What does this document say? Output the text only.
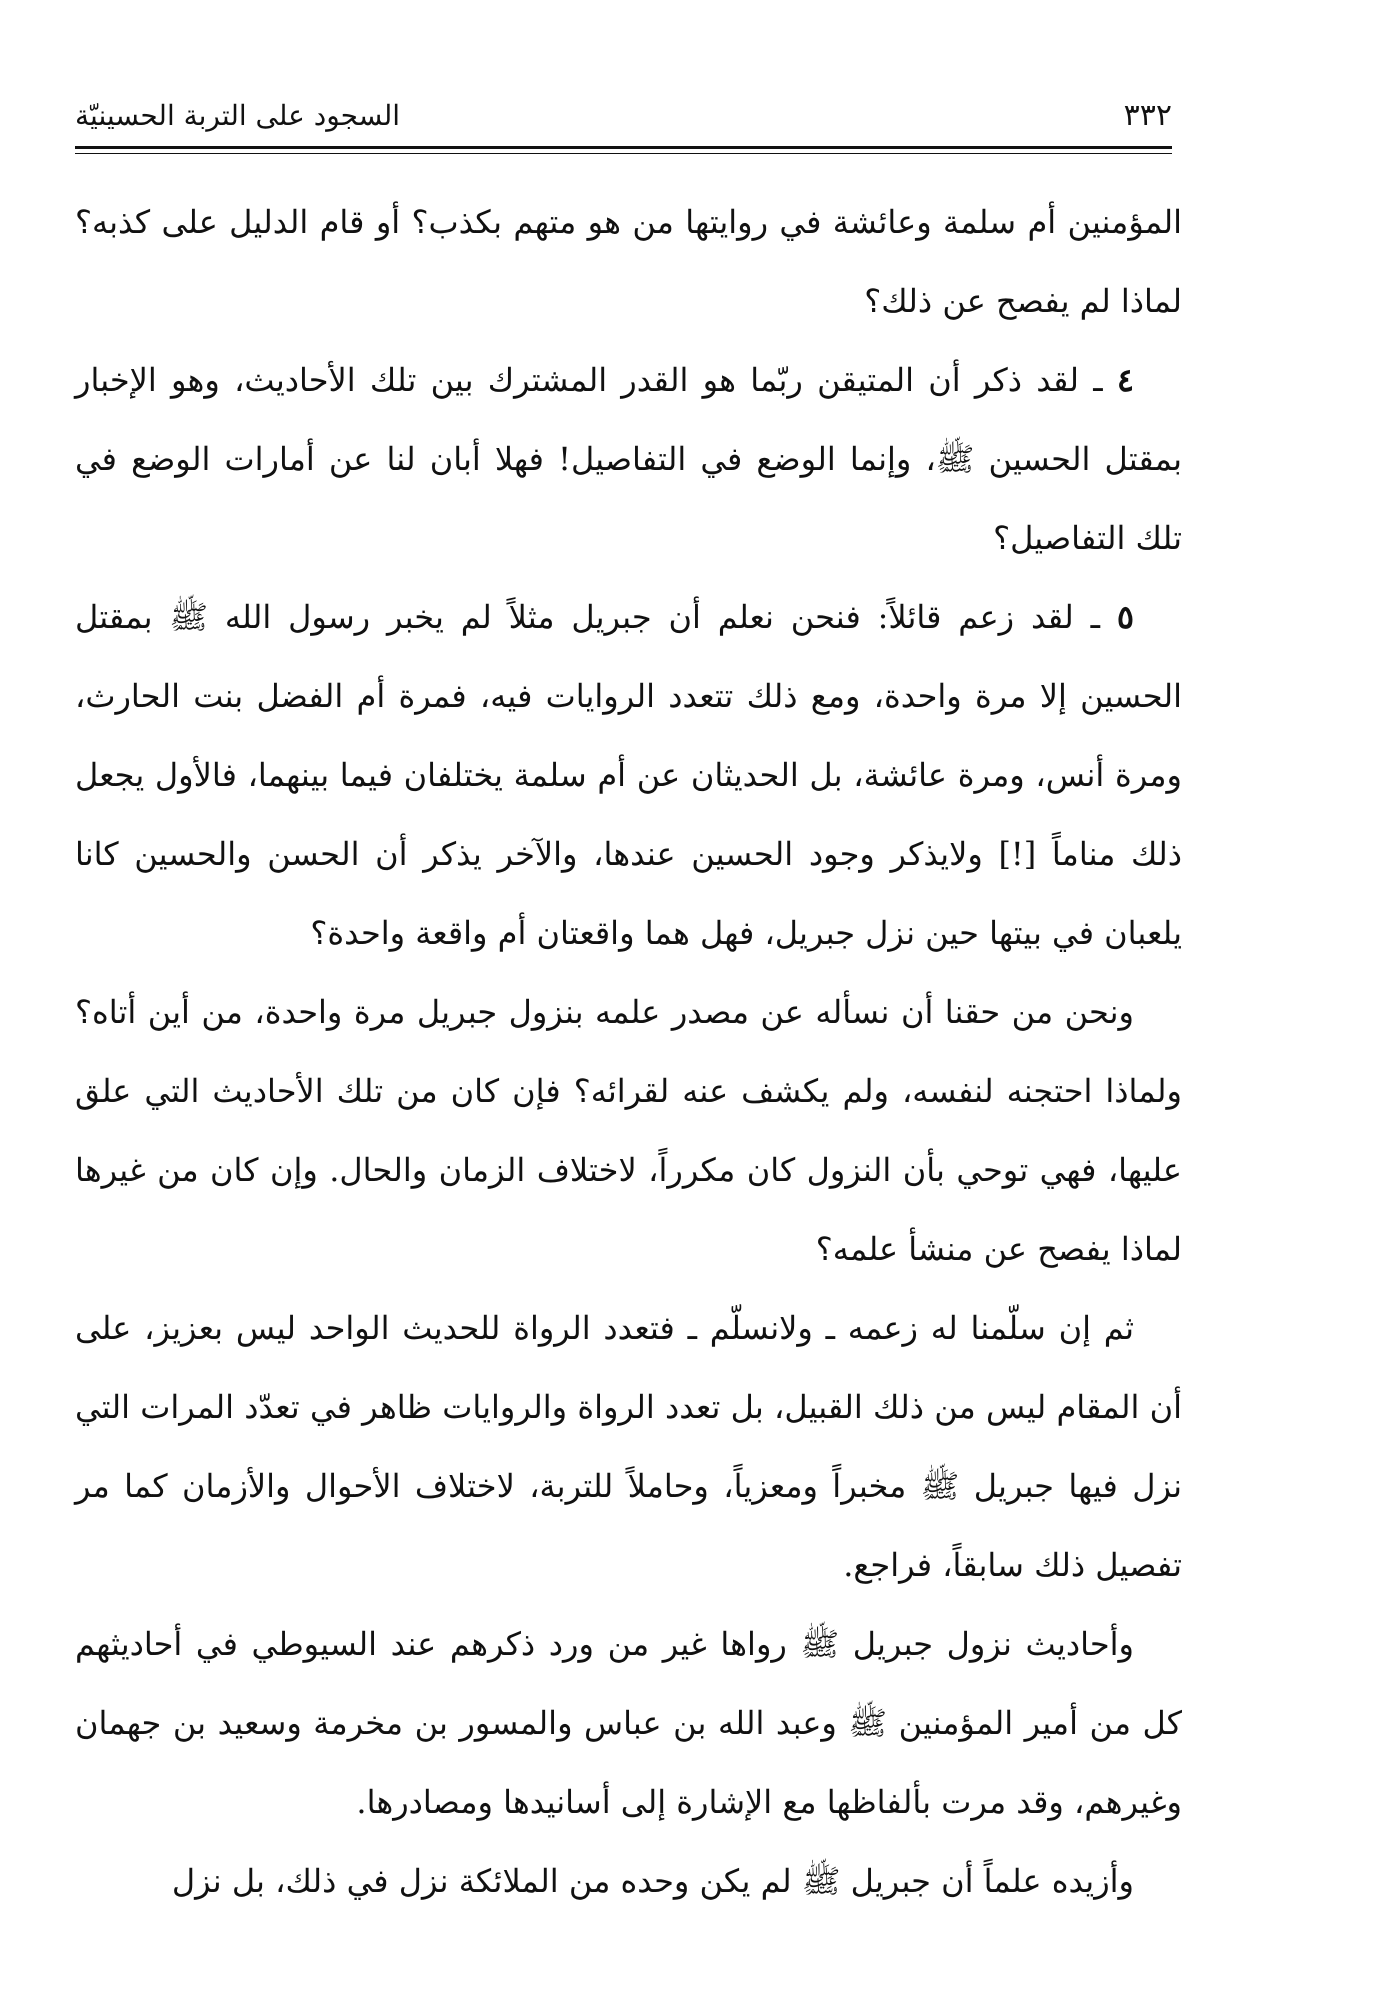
٣٣٢
السجود على التربة الحسينيّة

المؤمنين أم سلمة وعائشة في روايتها من هو متهم بكذب؟ أو قام الدليل على كذبه؟ لماذا لم يفصح عن ذلك؟

٤ ـ لقد ذكر أن المتيقن ربّما هو القدر المشترك بين تلك الأحاديث، وهو الإخبار بمقتل الحسين ﷺ، وإنما الوضع في التفاصيل! فهلا أبان لنا عن أمارات الوضع في تلك التفاصيل؟

٥ ـ لقد زعم قائلاً: فنحن نعلم أن جبريل مثلاً لم يخبر رسول الله ﷺ بمقتل الحسين إلا مرة واحدة، ومع ذلك تتعدد الروايات فيه، فمرة أم الفضل بنت الحارث، ومرة أنس، ومرة عائشة، بل الحديثان عن أم سلمة يختلفان فيما بينهما، فالأول يجعل ذلك مناماً [!] ولايذكر وجود الحسين عندها، والآخر يذكر أن الحسن والحسين كانا يلعبان في بيتها حين نزل جبريل، فهل هما واقعتان أم واقعة واحدة؟

ونحن من حقنا أن نسأله عن مصدر علمه بنزول جبريل مرة واحدة، من أين أتاه؟ ولماذا احتجنه لنفسه، ولم يكشف عنه لقرائه؟ فإن كان من تلك الأحاديث التي علق عليها، فهي توحي بأن النزول كان مكرراً، لاختلاف الزمان والحال. وإن كان من غيرها لماذا يفصح عن منشأ علمه؟

ثم إن سلّمنا له زعمه ـ ولانسلّم ـ فتعدد الرواة للحديث الواحد ليس بعزيز، على أن المقام ليس من ذلك القبيل، بل تعدد الرواة والروايات ظاهر في تعدّد المرات التي نزل فيها جبريل ﷺ مخبراً ومعزياً، وحاملاً للتربة، لاختلاف الأحوال والأزمان كما مر تفصيل ذلك سابقاً، فراجع.

وأحاديث نزول جبريل ﷺ رواها غير من ورد ذكرهم عند السيوطي في أحاديثهم كل من أمير المؤمنين ﷺ وعبد الله بن عباس والمسور بن مخرمة وسعيد بن جهمان وغيرهم، وقد مرت بألفاظها مع الإشارة إلى أسانيدها ومصادرها.

وأزيده علماً أن جبريل ﷺ لم يكن وحده من الملائكة نزل في ذلك، بل نزل
